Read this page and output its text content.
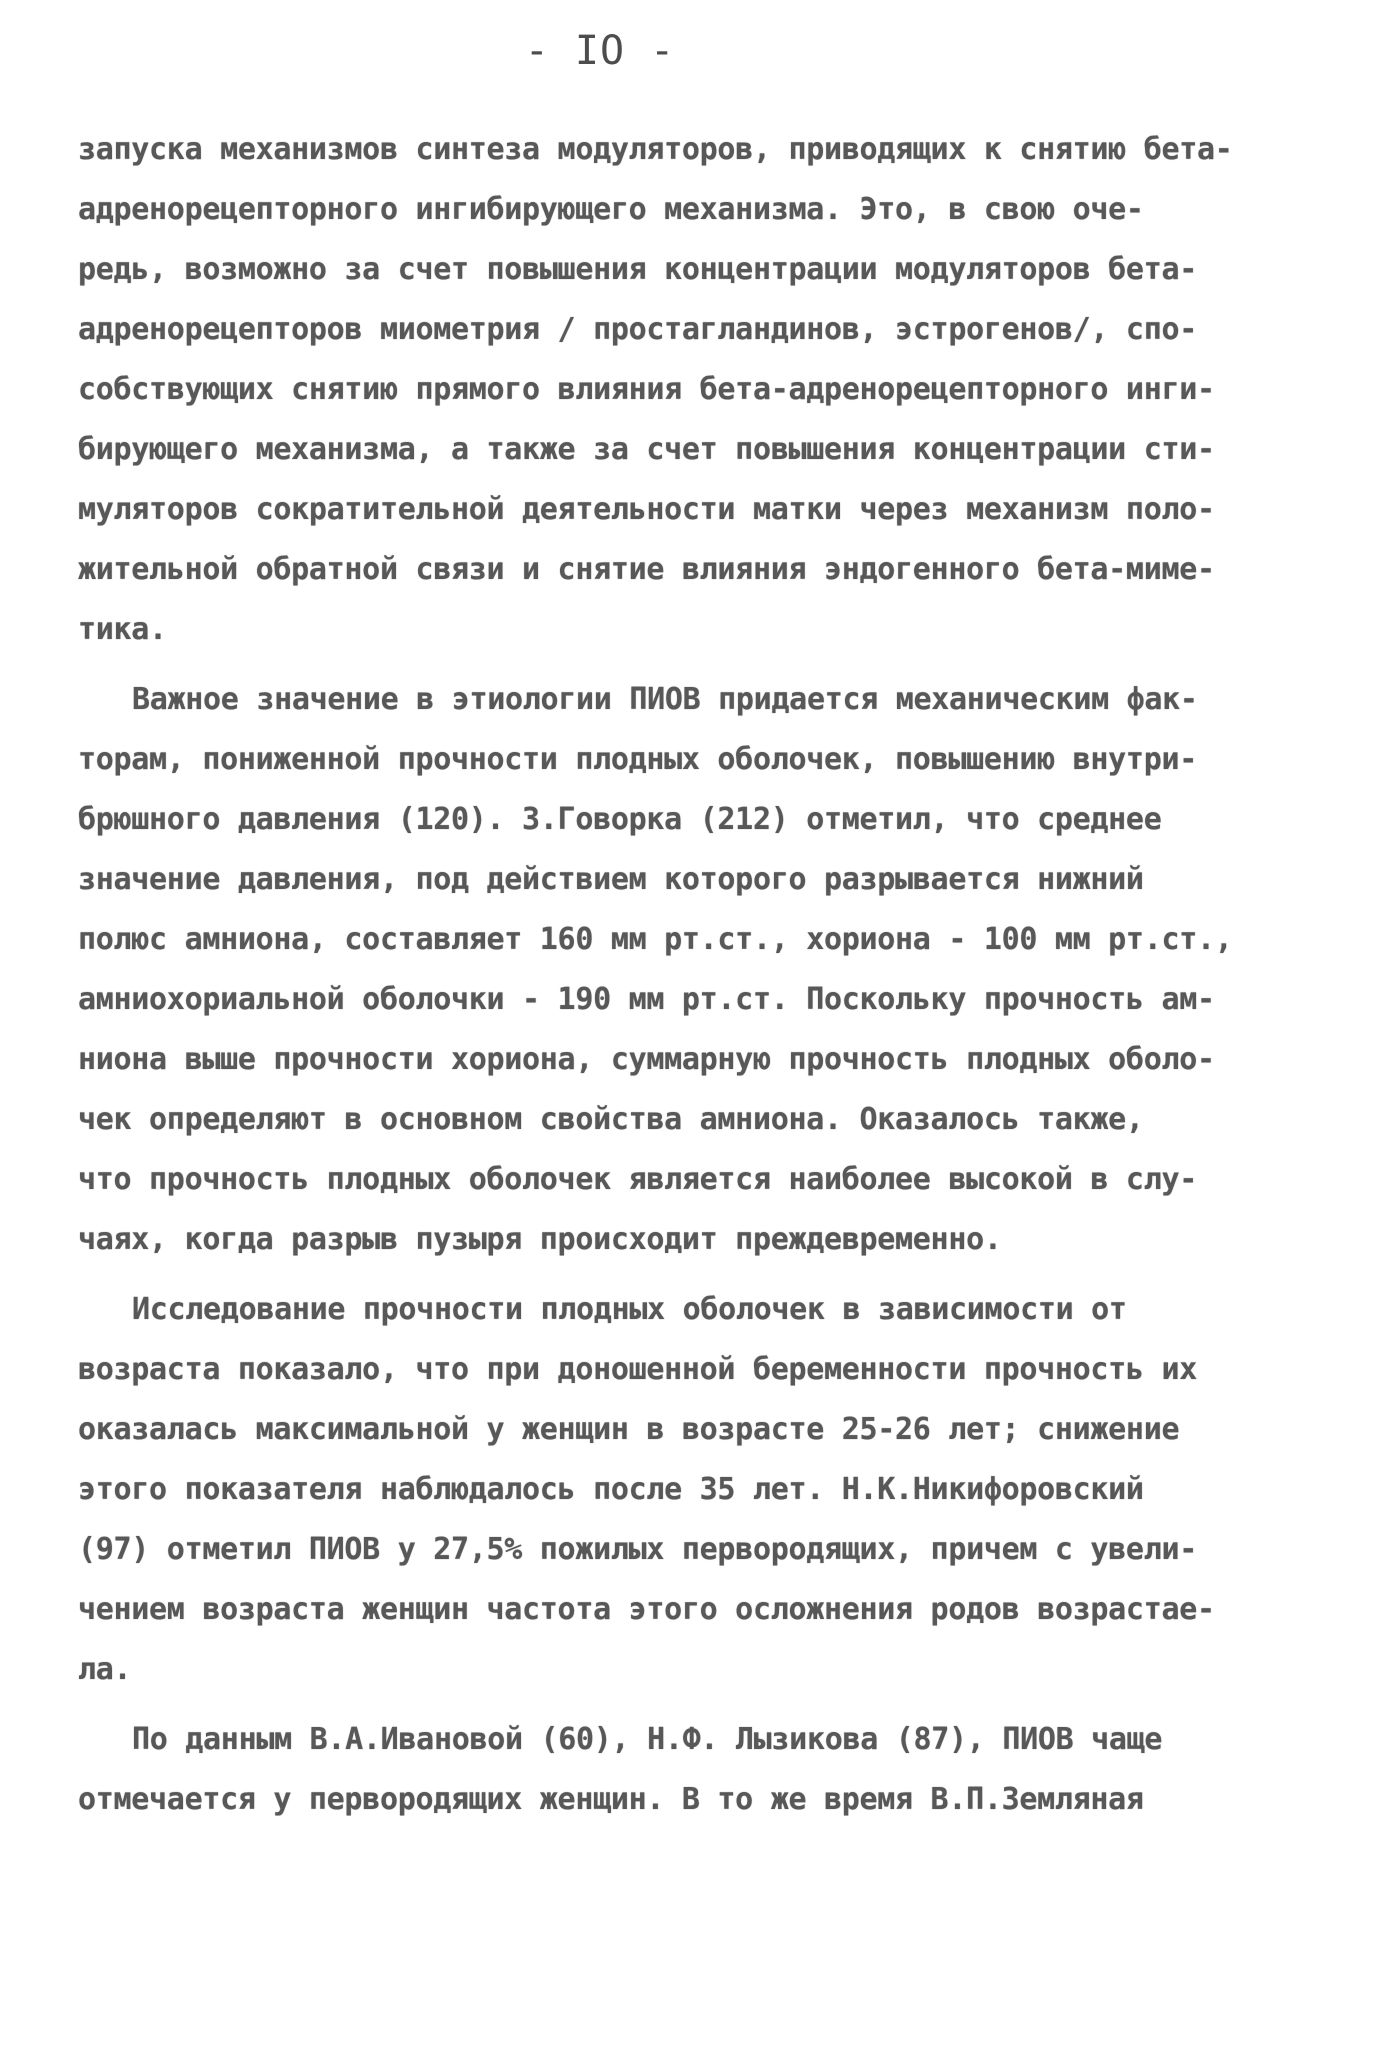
- IO -
запуска механизмов синтеза модуляторов, приводящих к снятию бета-
адренорецепторного ингибирующего механизма. Это, в свою оче-
редь, возможно за счет повышения концентрации модуляторов бета-
адренорецепторов миометрия / простагландинов, эстрогенов/, спо-
собствующих снятию прямого влияния бета-адренорецепторного инги-
бирующего механизма, а также за счет повышения концентрации сти-
муляторов сократительной деятельности матки через механизм поло-
жительной обратной связи и снятие влияния эндогенного бета-миме-
тика.
Важное значение в этиологии ПИОВ придается механическим фак-
торам, пониженной прочности плодных оболочек, повышению внутри-
брюшного давления (120). З.Говорка (212) отметил, что среднее
значение давления, под действием которого разрывается нижний
полюс амниона, составляет 160 мм рт.ст., хориона - 100 мм рт.ст.,
амниохориальной оболочки - 190 мм рт.ст. Поскольку прочность ам-
ниона выше прочности хориона, суммарную прочность плодных оболо-
чек определяют в основном свойства амниона. Оказалось также,
что прочность плодных оболочек является наиболее высокой в слу-
чаях, когда разрыв пузыря происходит преждевременно.
Исследование прочности плодных оболочек в зависимости от
возраста показало, что при доношенной беременности прочность их
оказалась максимальной у женщин в возрасте 25-26 лет; снижение
этого показателя наблюдалось после 35 лет. Н.К.Никифоровский
(97) отметил ПИОВ у 27,5% пожилых первородящих, причем с увели-
чением возраста женщин частота этого осложнения родов возрастае-
ла.
По данным В.А.Ивановой (60), Н.Ф. Лызикова (87), ПИОВ чаще
отмечается у первородящих женщин. В то же время В.П.Земляная
